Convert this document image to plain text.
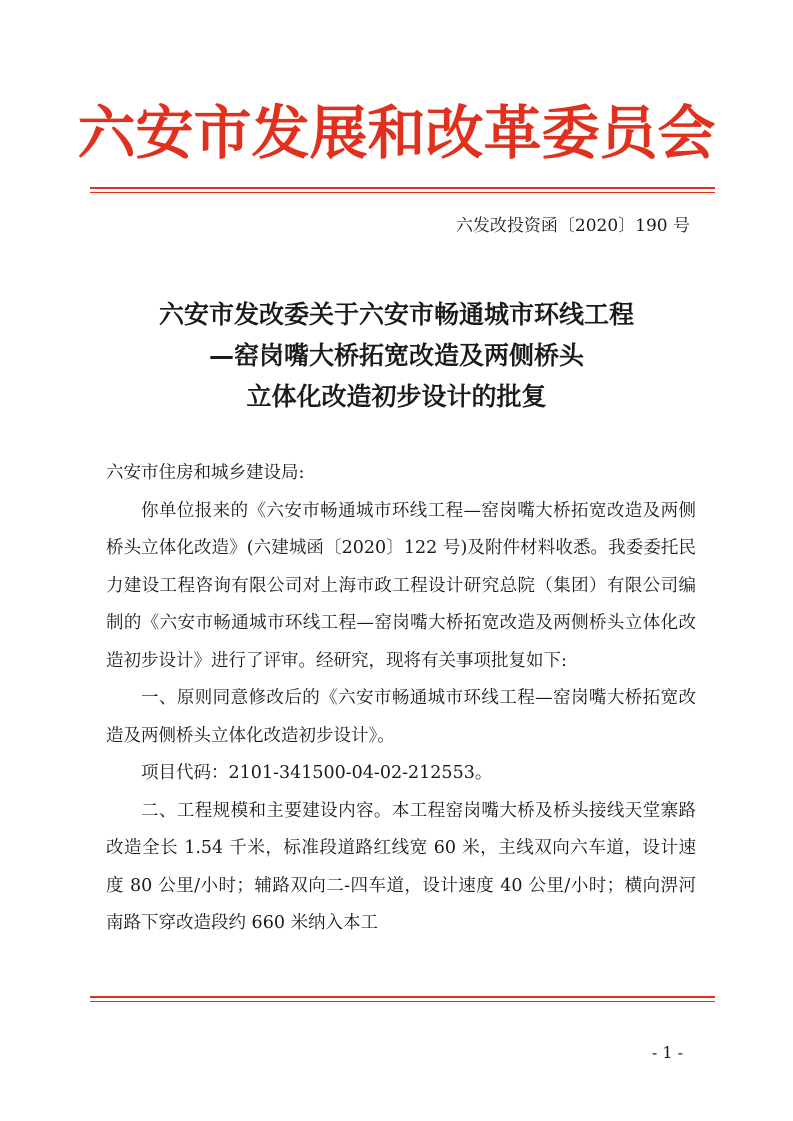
六安市发展和改革委员会
六发改投资函〔2020〕190 号
六安市发改委关于六安市畅通城市环线工程
—窑岗嘴大桥拓宽改造及两侧桥头
立体化改造初步设计的批复

六安市住房和城乡建设局:

你单位报来的《六安市畅通城市环线工程—窑岗嘴大桥拓宽改造及两侧桥头立体化改造》(六建城函〔2020〕122 号)及附件材料收悉。我委委托民力建设工程咨询有限公司对上海市政工程设计研究总院（集团）有限公司编制的《六安市畅通城市环线工程—窑岗嘴大桥拓宽改造及两侧桥头立体化改造初步设计》进行了评审。经研究，现将有关事项批复如下:

一、原则同意修改后的《六安市畅通城市环线工程—窑岗嘴大桥拓宽改造及两侧桥头立体化改造初步设计》。

项目代码：2101-341500-04-02-212553。

二、工程规模和主要建设内容。本工程窑岗嘴大桥及桥头接线天堂寨路改造全长 1.54 千米，标准段道路红线宽 60 米，主线双向六车道，设计速度 80 公里/小时；辅路双向二-四车道，设计速度 40 公里/小时；横向淠河南路下穿改造段约 660 米纳入本工

- 1 -
